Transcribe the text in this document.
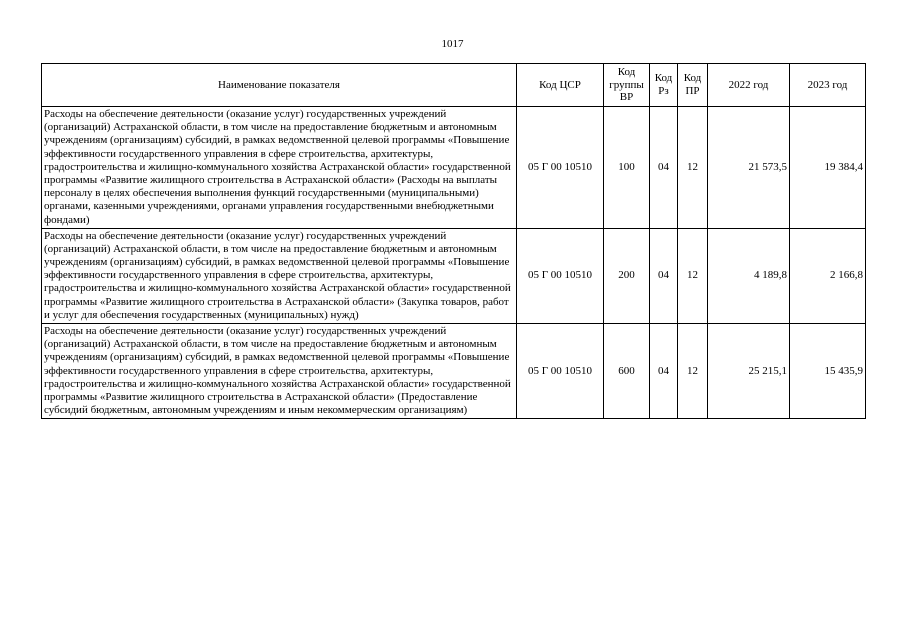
1017
Наименование показателя	Код ЦСР	Код группы ВР	Код Рз	Код ПР	2022 год	2023 год
Расходы на обеспечение деятельности (оказание услуг) государственных учреждений (организаций) Астраханской области, в том числе на предоставление бюджетным и автономным учреждениям (организациям) субсидий, в рамках ведомственной целевой программы «Повышение эффективности государственного управления в сфере строительства, архитектуры, градостроительства и жилищно-коммунального хозяйства Астраханской области» государственной программы «Развитие жилищного строительства в Астраханской области» (Расходы на выплаты персоналу в целях обеспечения выполнения функций государственными (муниципальными) органами, казенными учреждениями, органами управления государственными внебюджетными фондами)	05 Г 00 10510	100	04	12	21 573,5	19 384,4
Расходы на обеспечение деятельности (оказание услуг) государственных учреждений (организаций) Астраханской области, в том числе на предоставление бюджетным и автономным учреждениям (организациям) субсидий, в рамках ведомственной целевой программы «Повышение эффективности государственного управления в сфере строительства, архитектуры, градостроительства и жилищно-коммунального хозяйства Астраханской области» государственной программы «Развитие жилищного строительства в Астраханской области» (Закупка товаров, работ и услуг для обеспечения государственных (муниципальных) нужд)	05 Г 00 10510	200	04	12	4 189,8	2 166,8
Расходы на обеспечение деятельности (оказание услуг) государственных учреждений (организаций) Астраханской области, в том числе на предоставление бюджетным и автономным учреждениям (организациям) субсидий, в рамках ведомственной целевой программы «Повышение эффективности государственного управления в сфере строительства, архитектуры, градостроительства и жилищно-коммунального хозяйства Астраханской области» государственной программы «Развитие жилищного строительства в Астраханской области» (Предоставление субсидий бюджетным, автономным учреждениям и иным некоммерческим организациям)	05 Г 00 10510	600	04	12	25 215,1	15 435,9
